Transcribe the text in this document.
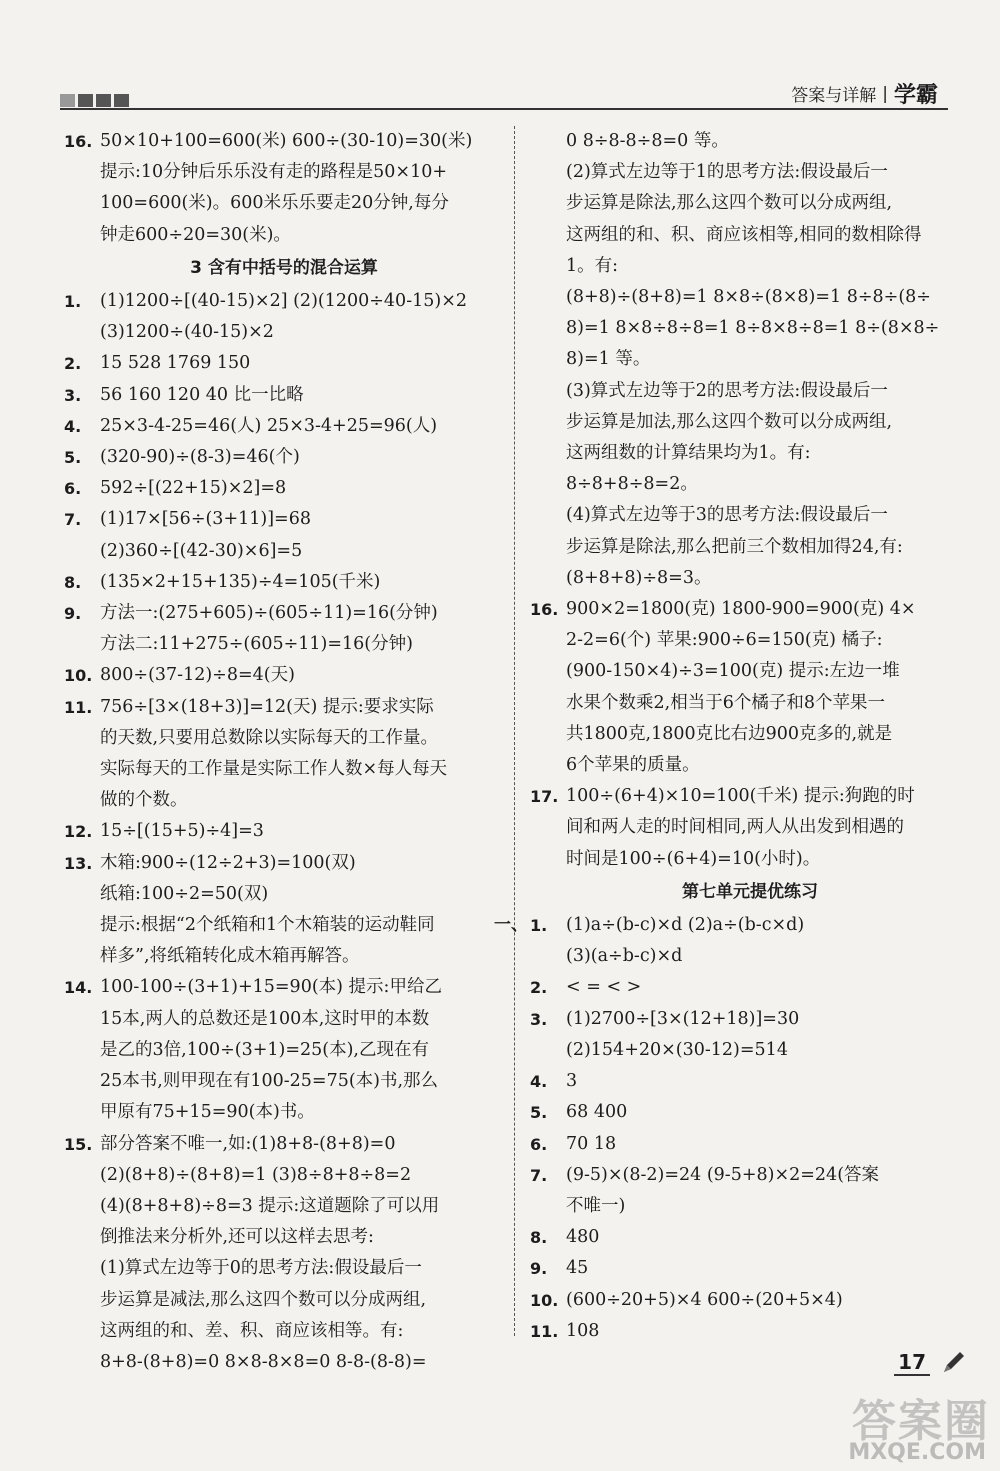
答案与详解 | 学霸
16. 50×10+100=600(米) 600÷(30-10)=30(米)
提示:10分钟后乐乐没有走的路程是50×10+
100=600(米)。600米乐乐要走20分钟,每分
钟走600÷20=30(米)。
3 含有中括号的混合运算
1. (1)1200÷[(40-15)×2] (2)(1200÷40-15)×2
(3)1200÷(40-15)×2
2. 15 528 1769 150
3. 56 160 120 40 比一比略
4. 25×3-4-25=46(人) 25×3-4+25=96(人)
5. (320-90)÷(8-3)=46(个)
6. 592÷[(22+15)×2]=8
7. (1)17×[56÷(3+11)]=68
(2)360÷[(42-30)×6]=5
8. (135×2+15+135)÷4=105(千米)
9. 方法一:(275+605)÷(605÷11)=16(分钟)
方法二:11+275÷(605÷11)=16(分钟)
10. 800÷(37-12)÷8=4(天)
11. 756÷[3×(18+3)]=12(天) 提示:要求实际
的天数,只要用总数除以实际每天的工作量。
实际每天的工作量是实际工作人数×每人每天
做的个数。
12. 15÷[(15+5)÷4]=3
13. 木箱:900÷(12÷2+3)=100(双)
纸箱:100÷2=50(双)
提示:根据“2个纸箱和1个木箱装的运动鞋同
样多”,将纸箱转化成木箱再解答。
14. 100-100÷(3+1)+15=90(本) 提示:甲给乙
15本,两人的总数还是100本,这时甲的本数
是乙的3倍,100÷(3+1)=25(本),乙现在有
25本书,则甲现在有100-25=75(本)书,那么
甲原有75+15=90(本)书。
15. 部分答案不唯一,如:(1)8+8-(8+8)=0
(2)(8+8)÷(8+8)=1 (3)8÷8+8÷8=2
(4)(8+8+8)÷8=3 提示:这道题除了可以用
倒推法来分析外,还可以这样去思考:
(1)算式左边等于0的思考方法:假设最后一
步运算是减法,那么这四个数可以分成两组,
这两组的和、差、积、商应该相等。有:
8+8-(8+8)=0 8×8-8×8=0 8-8-(8-8)=
0 8÷8-8÷8=0 等。
(2)算式左边等于1的思考方法:假设最后一
步运算是除法,那么这四个数可以分成两组,
这两组的和、积、商应该相等,相同的数相除得
1。有:
(8+8)÷(8+8)=1 8×8÷(8×8)=1 8÷8÷(8÷
8)=1 8×8÷8÷8=1 8÷8×8÷8=1 8÷(8×8÷
8)=1 等。
(3)算式左边等于2的思考方法:假设最后一
步运算是加法,那么这四个数可以分成两组,
这两组数的计算结果均为1。有:
8÷8+8÷8=2。
(4)算式左边等于3的思考方法:假设最后一
步运算是除法,那么把前三个数相加得24,有:
(8+8+8)÷8=3。
16. 900×2=1800(克) 1800-900=900(克) 4×
2-2=6(个) 苹果:900÷6=150(克) 橘子:
(900-150×4)÷3=100(克) 提示:左边一堆
水果个数乘2,相当于6个橘子和8个苹果一
共1800克,1800克比右边900克多的,就是
6个苹果的质量。
17. 100÷(6+4)×10=100(千米) 提示:狗跑的时
间和两人走的时间相同,两人从出发到相遇的
时间是100÷(6+4)=10(小时)。
第七单元提优练习
一、 1. (1)a÷(b-c)×d (2)a÷(b-c×d)
(3)(a÷b-c)×d
2. < = < >
3. (1)2700÷[3×(12+18)]=30
(2)154+20×(30-12)=514
4. 3
5. 68 400
6. 70 18
7. (9-5)×(8-2)=24 (9-5+8)×2=24(答案
不唯一)
8. 480
9. 45
10. (600÷20+5)×4 600÷(20+5×4)
11. 108
17
答案圈
MXQE.COM
